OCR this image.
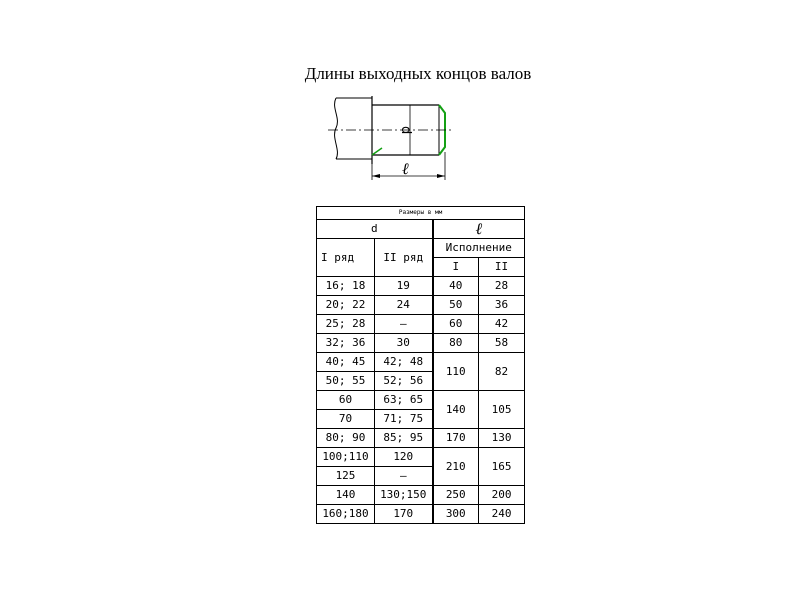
Длины выходных концов валов
d
ℓ
Размеры в мм			
d		ℓ	
I ряд	II ряд	Исполнение	
		I	II
16; 18	19	40	28
20; 22	24	50	36
25; 28	–	60	42
32; 36	30	80	58
40; 45	42; 48	110	82
50; 55	52; 56		
60	63; 65	140	105
70	71; 75		
80; 90	85; 95	170	130
100;110	120	210	165
125	–		
140	130;150	250	200
160;180	170	300	240
